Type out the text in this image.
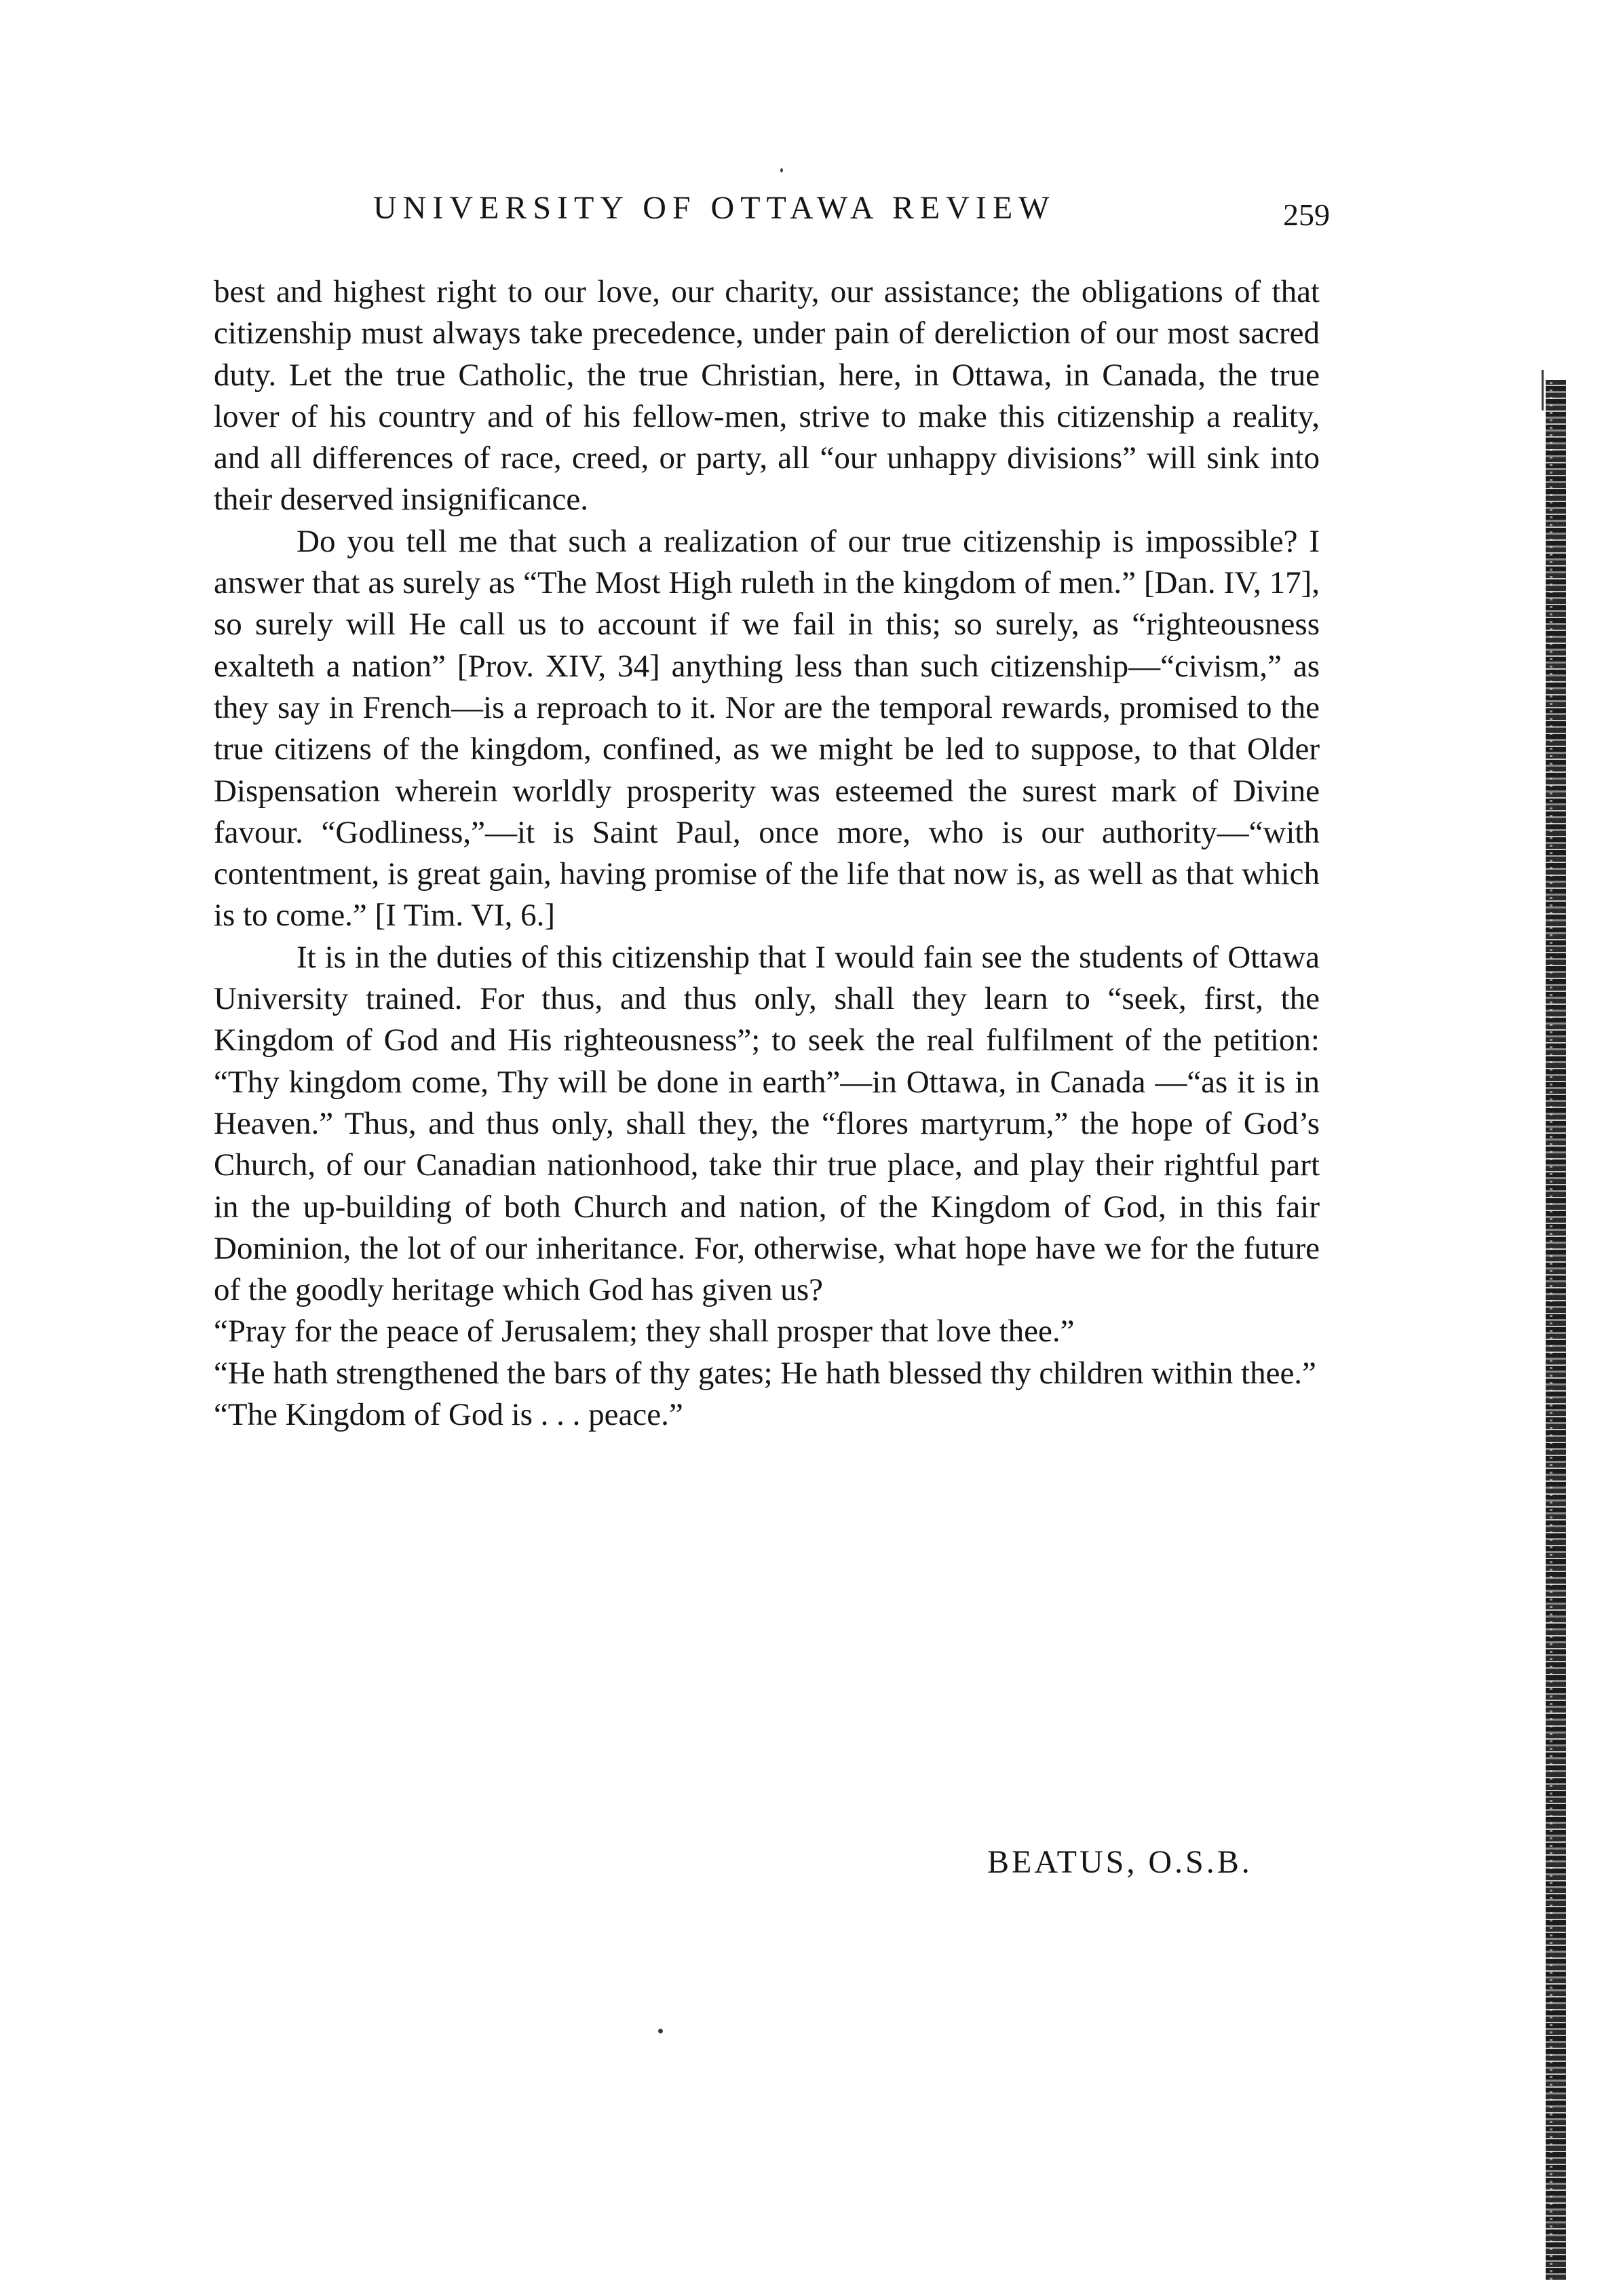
UNIVERSITY OF OTTAWA REVIEW	259

best and highest right to our love, our charity, our assistance; the obligations of that citizenship must always take precedence, under pain of dereliction of our most sacred duty. Let the true Catholic, the true Christian, here, in Ottawa, in Canada, the true lover of his country and of his fellow-men, strive to make this citizenship a reality, and all differences of race, creed, or party, all “our unhappy divisions” will sink into their deserved insignificance.

Do you tell me that such a realization of our true citizenship is impossible? I answer that as surely as “The Most High ruleth in the kingdom of men.” [Dan. IV, 17], so surely will He call us to account if we fail in this; so surely, as “righteousness exalteth a nation” [Prov. XIV, 34] anything less than such citizenship—“civism,” as they say in French—is a reproach to it. Nor are the temporal rewards, promised to the true citizens of the kingdom, confined, as we might be led to suppose, to that Older Dispensation wherein worldly prosperity was esteemed the surest mark of Divine favour. “Godliness,”—it is Saint Paul, once more, who is our authority—“with contentment, is great gain, having promise of the life that now is, as well as that which is to come.” [I Tim. VI, 6.]

It is in the duties of this citizenship that I would fain see the students of Ottawa University trained. For thus, and thus only, shall they learn to “seek, first, the Kingdom of God and His righteousness”; to seek the real fulfilment of the petition: “Thy kingdom come, Thy will be done in earth”—in Ottawa, in Canada —“as it is in Heaven.” Thus, and thus only, shall they, the “flores martyrum,” the hope of God’s Church, of our Canadian nationhood, take thir true place, and play their rightful part in the up-building of both Church and nation, of the Kingdom of God, in this fair Dominion, the lot of our inheritance. For, otherwise, what hope have we for the future of the goodly heritage which God has given us?

“Pray for the peace of Jerusalem; they shall prosper that love thee.”

“He hath strengthened the bars of thy gates; He hath blessed thy children within thee.”

“The Kingdom of God is . . . peace.”

BEATUS, O.S.B.
